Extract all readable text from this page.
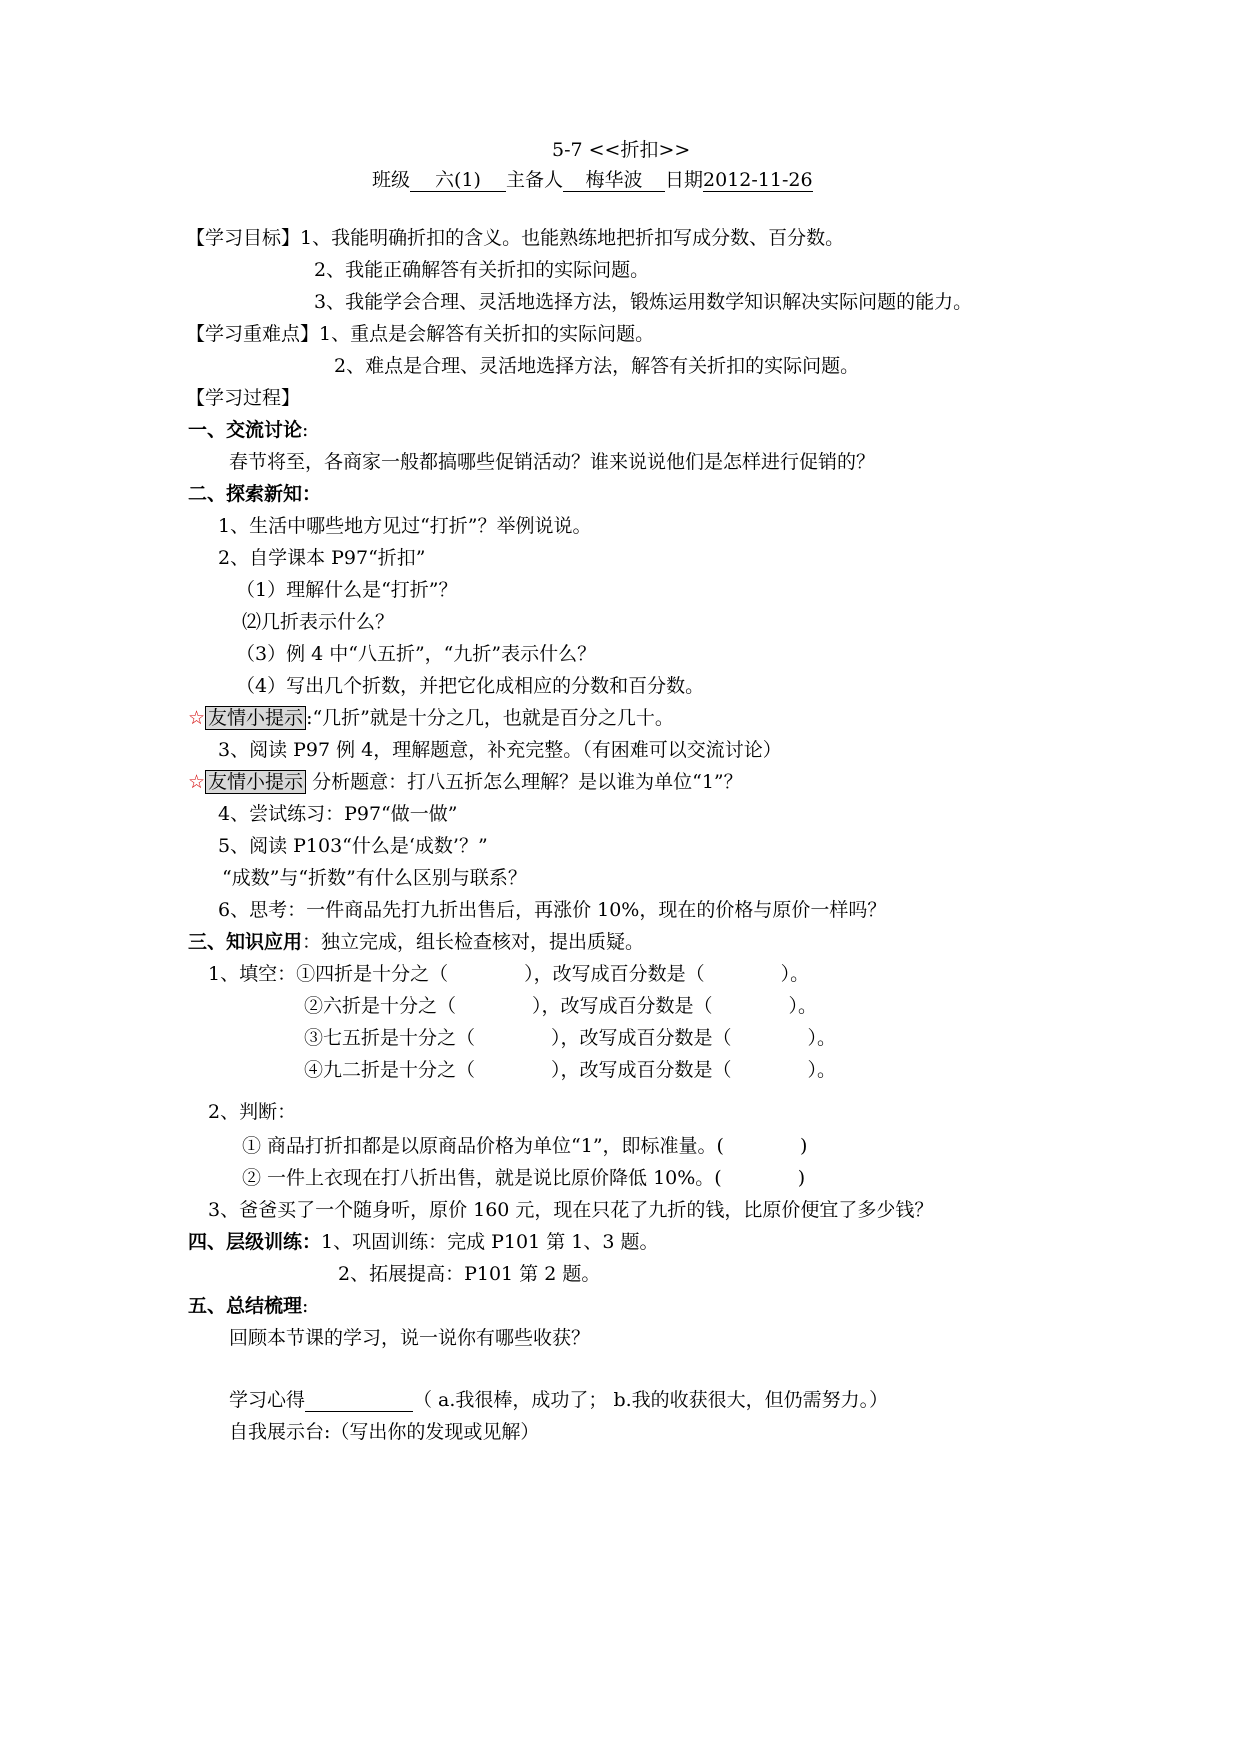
5-7 <<折扣>>
班级 六(1) 主备人 梅华波 日期2012-11-26
【学习目标】1、我能明确折扣的含义。也能熟练地把折扣写成分数、百分数。
2、我能正确解答有关折扣的实际问题。
3、我能学会合理、灵活地选择方法，锻炼运用数学知识解决实际问题的能力。
【学习重难点】1、重点是会解答有关折扣的实际问题。
2、难点是合理、灵活地选择方法，解答有关折扣的实际问题。
【学习过程】
一、交流讨论:
春节将至，各商家一般都搞哪些促销活动？谁来说说他们是怎样进行促销的？
二、探索新知：
1、生活中哪些地方见过“打折”？举例说说。
2、自学课本 P97“折扣”
（1）理解什么是“打折”？
⑵几折表示什么？
（3）例 4 中“八五折”，“九折”表示什么？
（4）写出几个折数，并把它化成相应的分数和百分数。
☆ 友情小提示 :“几折”就是十分之几，也就是百分之几十。
3、阅读 P97 例 4，理解题意，补充完整。（有困难可以交流讨论）
☆ 友情小提示 分析题意：打八五折怎么理解？是以谁为单位“1”？
4、尝试练习：P97“做一做”
5、阅读 P103“什么是‘成数’？”
“成数”与“折数”有什么区别与联系？
6、思考：一件商品先打九折出售后，再涨价 10%，现在的价格与原价一样吗？
三、知识应用：独立完成，组长检查核对，提出质疑。
1、填空：①四折是十分之（　　　　），改写成百分数是（　　　　）。
②六折是十分之（　　　　），改写成百分数是（　　　　）。
③七五折是十分之（　　　　），改写成百分数是（　　　　）。
④九二折是十分之（　　　　），改写成百分数是（　　　　）。
2、判断：
① 商品打折扣都是以原商品价格为单位“1”，即标准量。(　　　　)
② 一件上衣现在打八折出售，就是说比原价降低 10%。(　　　　)
3、爸爸买了一个随身听，原价 160 元，现在只花了九折的钱，比原价便宜了多少钱？
四、层级训练：1、巩固训练：完成 P101 第 1、3 题。
2、拓展提高：P101 第 2 题。
五、总结梳理:
回顾本节课的学习，说一说你有哪些收获？
学习心得	（ a.我很棒，成功了； b.我的收获很大，但仍需努力。）
自我展示台:（写出你的发现或见解）
